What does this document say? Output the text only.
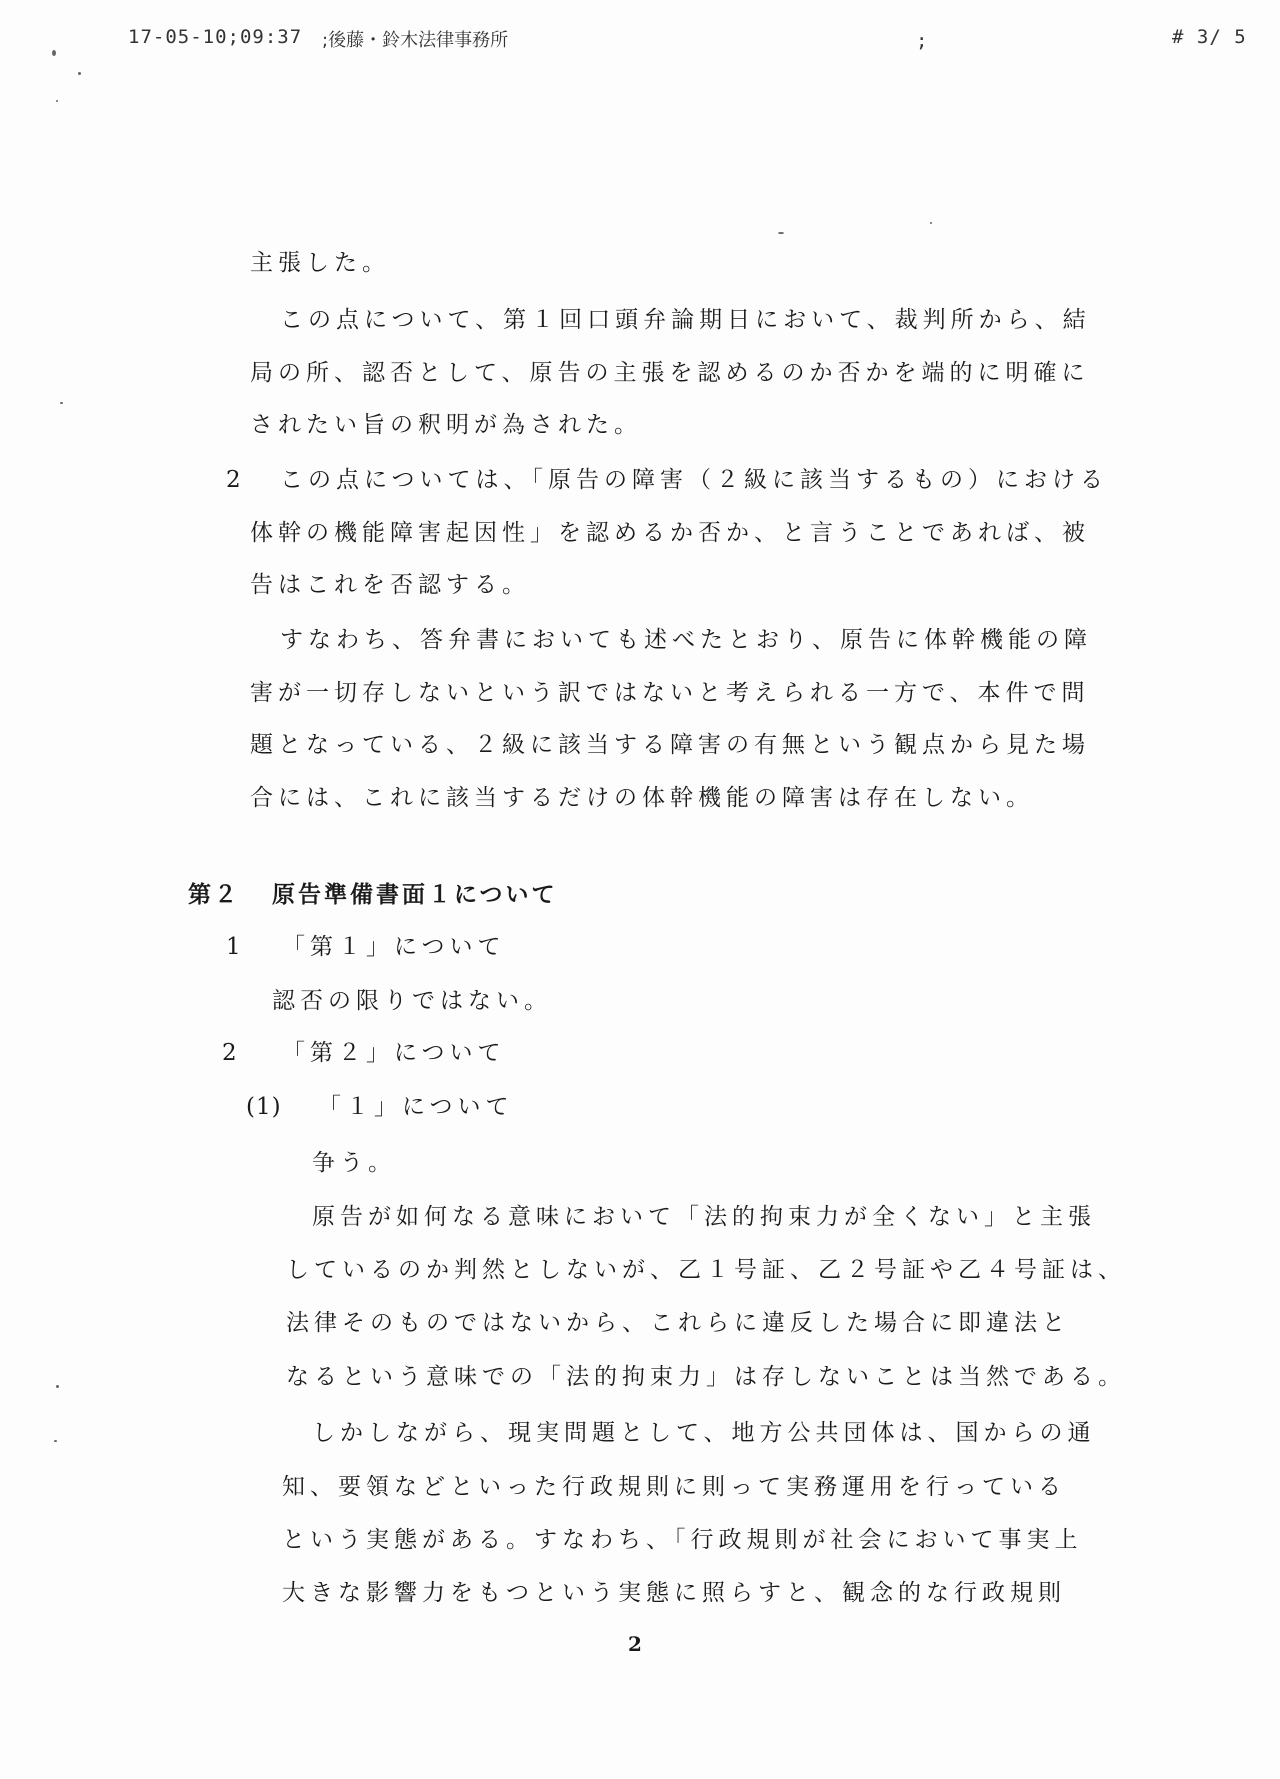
17-05-10;09:37 ;後藤・鈴木法律事務所	;	# 3/ 5
主張した。
この点について、第１回口頭弁論期日において、裁判所から、結
局の所、認否として、原告の主張を認めるのか否かを端的に明確に
されたい旨の釈明が為された。
2 この点については、「原告の障害（２級に該当するもの）における
体幹の機能障害起因性」を認めるか否か、と言うことであれば、被
告はこれを否認する。
すなわち、答弁書においても述べたとおり、原告に体幹機能の障
害が一切存しないという訳ではないと考えられる一方で、本件で問
題となっている、２級に該当する障害の有無という観点から見た場
合には、これに該当するだけの体幹機能の障害は存在しない。
第２ 原告準備書面１について
1 「第１」について
認否の限りではない。
2 「第２」について
(1) 「１」について
争う。
原告が如何なる意味において「法的拘束力が全くない」と主張
しているのか判然としないが、乙１号証、乙２号証や乙４号証は、
法律そのものではないから、これらに違反した場合に即違法と
なるという意味での「法的拘束力」は存しないことは当然である。
しかしながら、現実問題として、地方公共団体は、国からの通
知、要領などといった行政規則に則って実務運用を行っている
という実態がある。すなわち、「行政規則が社会において事実上
大きな影響力をもつという実態に照らすと、観念的な行政規則
2
